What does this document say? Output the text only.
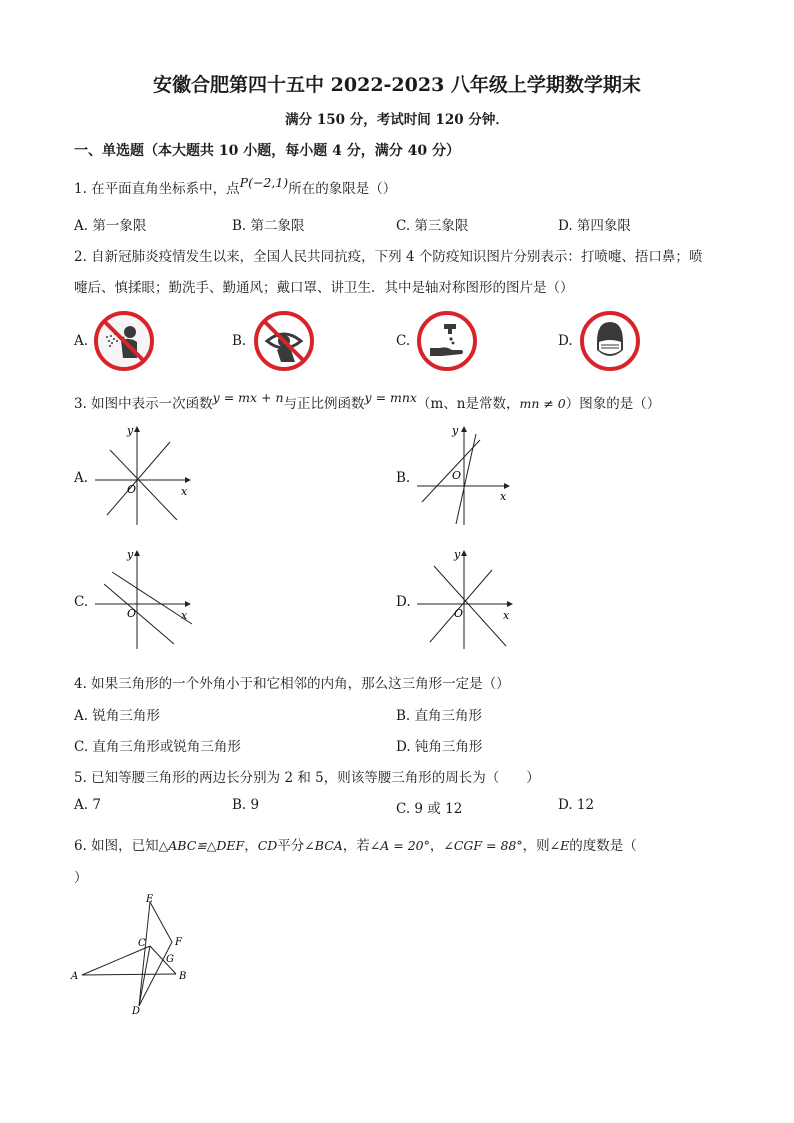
安徽合肥第四十五中 2022-2023 八年级上学期数学期末
满分 150 分，考试时间 120 分钟．
一、单选题（本大题共 10 小题，每小题 4 分，满分 40 分）
1. 在平面直角坐标系中，点P(−2,1)所在的象限是（）
A. 第一象限	B. 第二象限	C. 第三象限	D. 第四象限
2. 自新冠肺炎疫情发生以来，全国人民共同抗疫，下列 4 个防疫知识图片分别表示：打喷嚏、捂口鼻；喷
嚏后、慎揉眼；勤洗手、勤通风；戴口罩、讲卫生．其中是轴对称图形的图片是（）
A.	B.	C.	D.
3. 如图中表示一次函数y = mx + n与正比例函数y = mnx（m、n是常数，mn ≠ 0）图象的是（）
A.
O	x
y
B.	O
x
y
C.
O	x
y
D.
O	x
y
4. 如果三角形的一个外角小于和它相邻的内角，那么这三角形一定是（）
A. 锐角三角形	B. 直角三角形
C. 直角三角形或锐角三角形	D. 钝角三角形
5. 已知等腰三角形的两边长分别为 2 和 5，则该等腰三角形的周长为（　　）
A. 7	B. 9	C. 9 或 12	D. 12
6. 如图，已知△ABC≌△DEF，CD平分∠BCA，若∠A = 20°，∠CGF = 88°，则∠E的度数是（
）
E
C	F
G
A	B
D
